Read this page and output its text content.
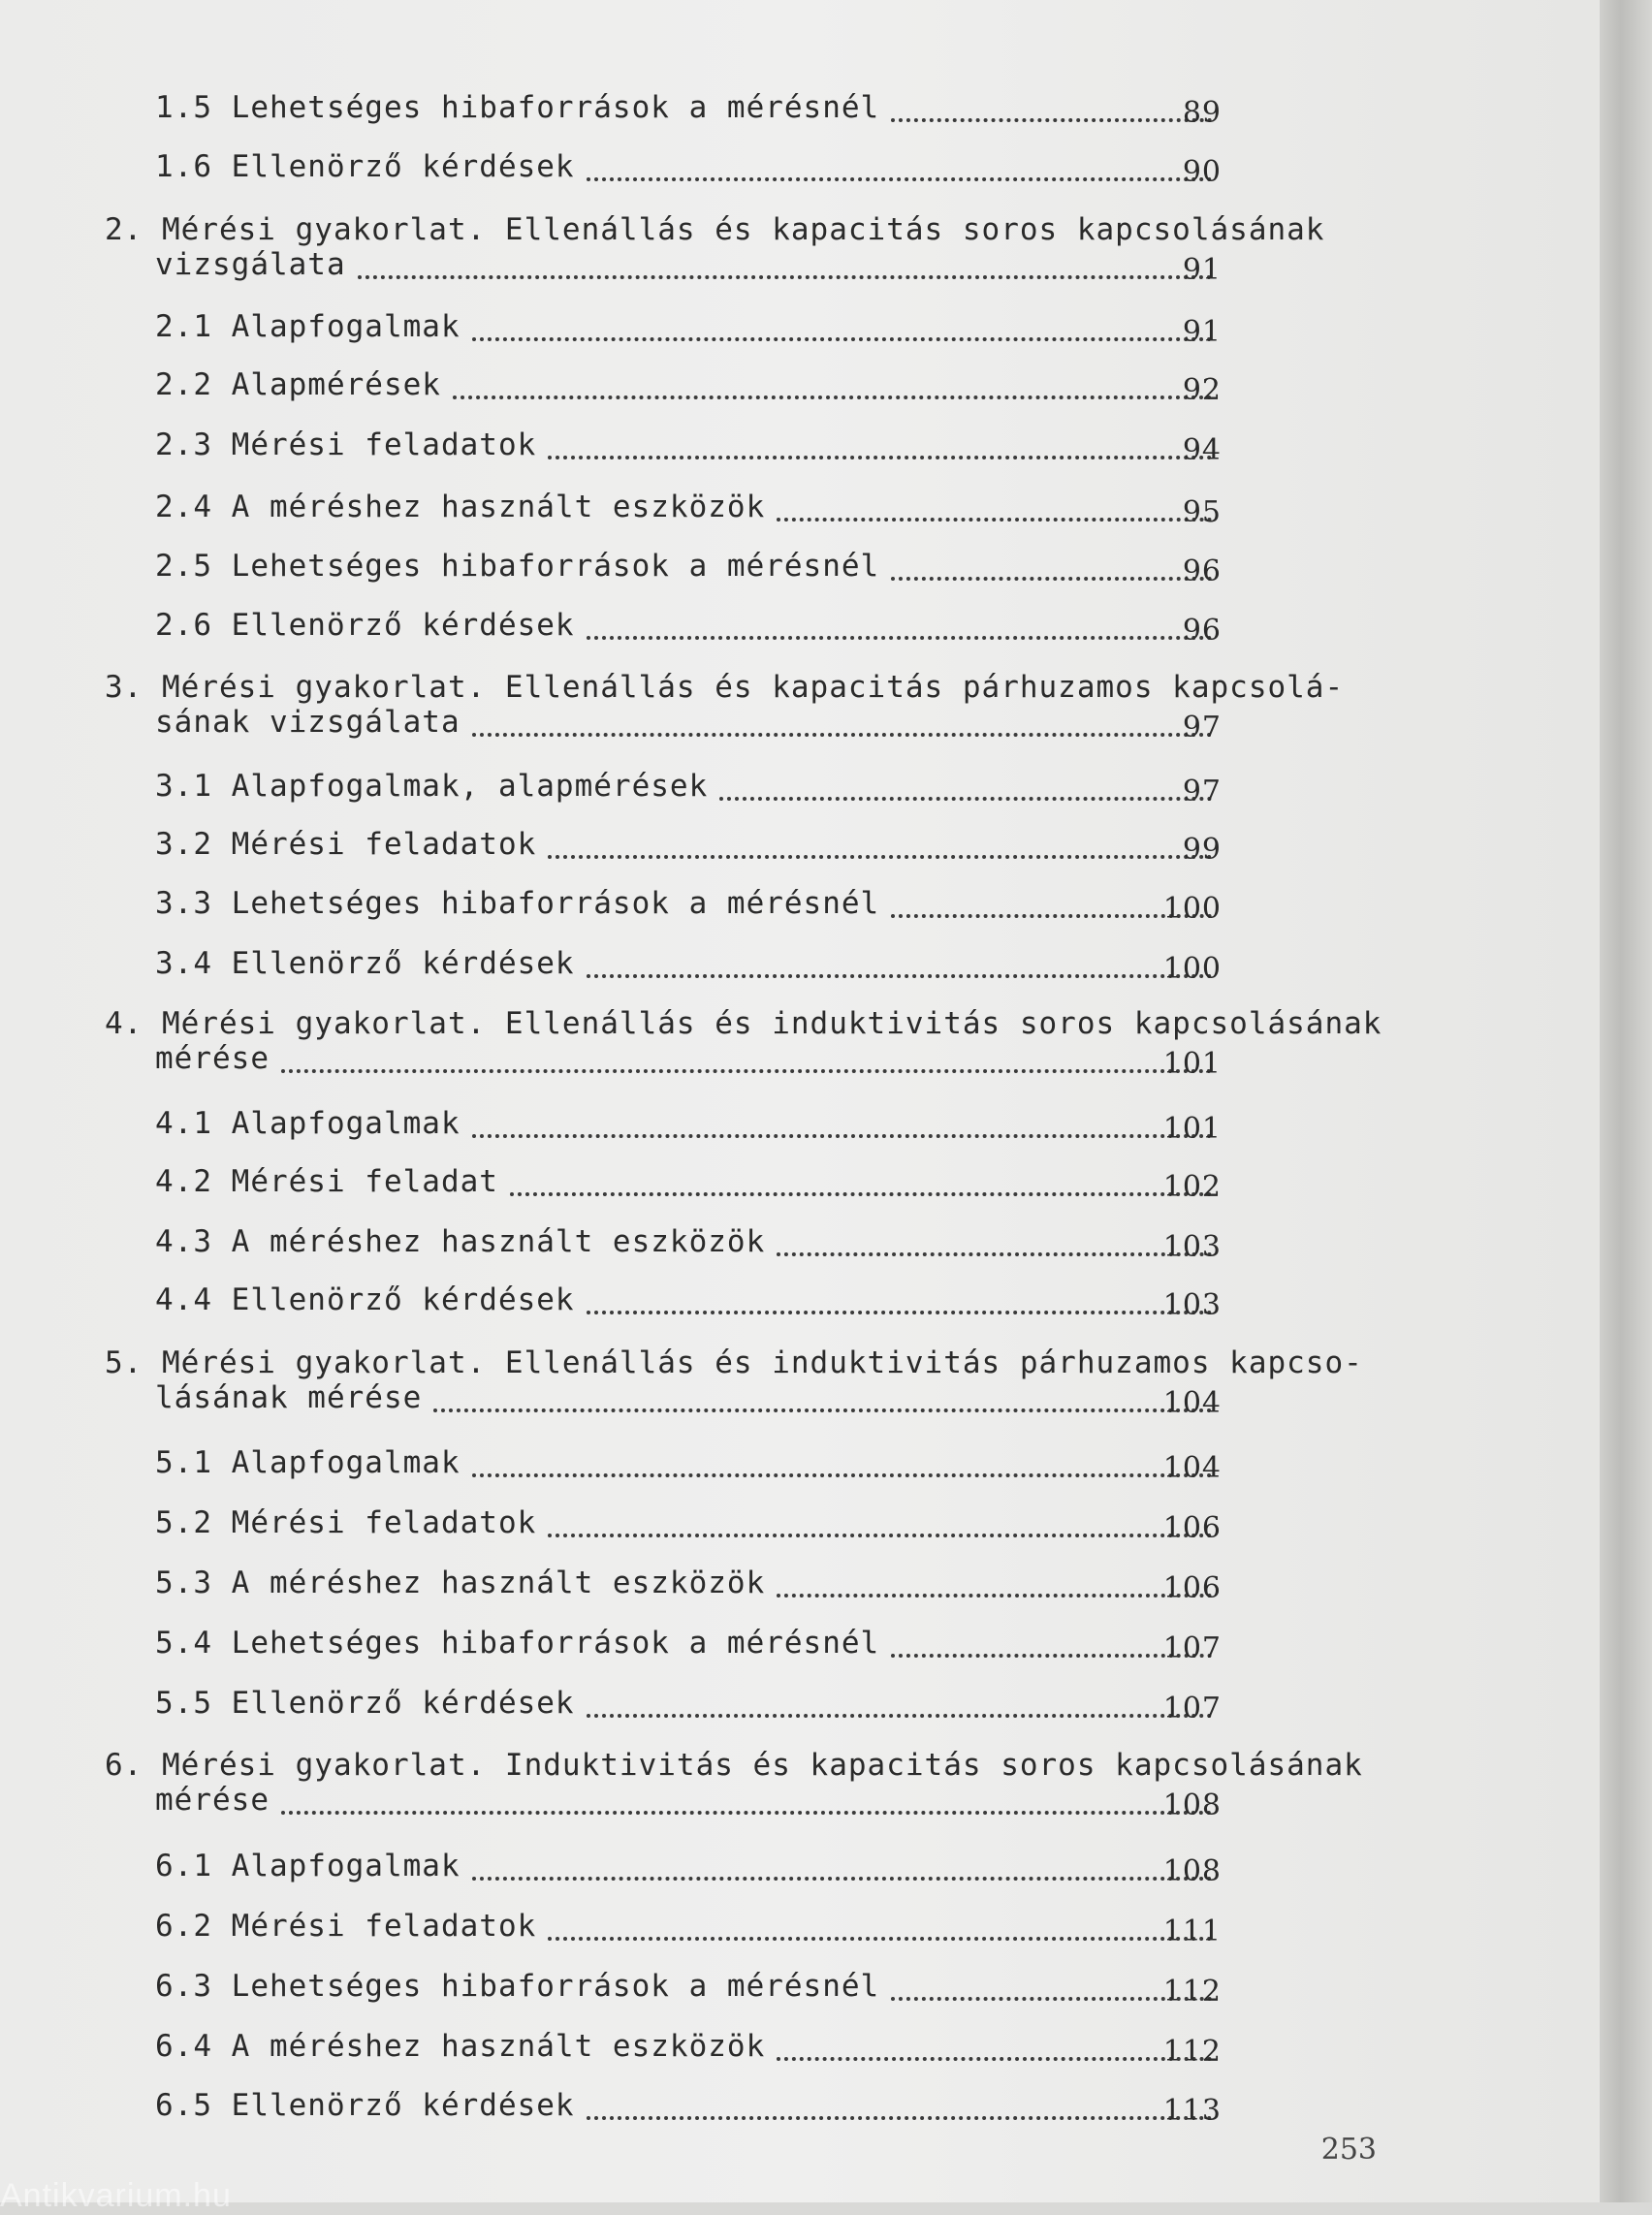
1.5 Lehetséges hibaforrások a mérésnél	89
1.6 Ellenörző kérdések	90
2. Mérési gyakorlat. Ellenállás és kapacitás soros kapcsolásának
vizsgálata	91
2.1 Alapfogalmak	91
2.2 Alapmérések	92
2.3 Mérési feladatok	94
2.4 A méréshez használt eszközök	95
2.5 Lehetséges hibaforrások a mérésnél	96
2.6 Ellenörző kérdések	96
3. Mérési gyakorlat. Ellenállás és kapacitás párhuzamos kapcsolá-
sának vizsgálata	97
3.1 Alapfogalmak, alapmérések	97
3.2 Mérési feladatok	99
3.3 Lehetséges hibaforrások a mérésnél	100
3.4 Ellenörző kérdések	100
4. Mérési gyakorlat. Ellenállás és induktivitás soros kapcsolásának
mérése	101
4.1 Alapfogalmak	101
4.2 Mérési feladat	102
4.3 A méréshez használt eszközök	103
4.4 Ellenörző kérdések	103
5. Mérési gyakorlat. Ellenállás és induktivitás párhuzamos kapcso-
lásának mérése	104
5.1 Alapfogalmak	104
5.2 Mérési feladatok	106
5.3 A méréshez használt eszközök	106
5.4 Lehetséges hibaforrások a mérésnél	107
5.5 Ellenörző kérdések	107
6. Mérési gyakorlat. Induktivitás és kapacitás soros kapcsolásának
mérése	108
6.1 Alapfogalmak	108
6.2 Mérési feladatok	111
6.3 Lehetséges hibaforrások a mérésnél	112
6.4 A méréshez használt eszközök	112
6.5 Ellenörző kérdések	113
253
Antikvarium.hu
